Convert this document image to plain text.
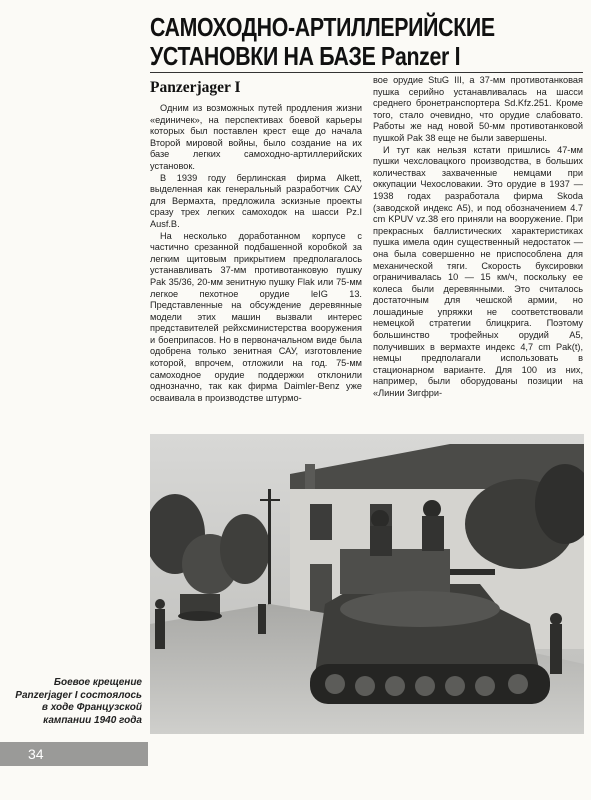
САМОХОДНО-АРТИЛЛЕРИЙСКИЕ
УСТАНОВКИ НА БАЗЕ Panzer I
Panzerjager I

Одним из возможных путей продления жизни «единичек», на перспективах боевой карьеры которых был поставлен крест еще до начала Второй мировой войны, было создание на их базе легких самоходно-артиллерийских установок.

В 1939 году берлинская фирма Alkett, выделенная как генеральный разработчик САУ для Вермахта, предложила эскизные проекты сразу трех легких самоходок на шасси Pz.I Ausf.B.

На несколько доработанном корпусе с частично срезанной подбашенной коробкой за легким щитовым прикрытием предполагалось устанавливать 37-мм противотанковую пушку Pak 35/36, 20-мм зенитную пушку Flak или 75-мм легкое пехотное орудие leIG 13. Представленные на обсуждение деревянные модели этих машин вызвали интерес представителей рейхсминистерства вооружения и боеприпасов. Но в первоначальном виде была одобрена только зенитная САУ, изготовление которой, впрочем, отложили на год. 75-мм самоходное орудие поддержки отклонили однозначно, так как фирма Daimler-Benz уже осваивала в производстве штурмо-

вое орудие StuG III, а 37-мм противотанковая пушка серийно устанавливалась на шасси среднего бронетранспортера Sd.Kfz.251. Кроме того, стало очевидно, что орудие слабовато. Работы же над новой 50-мм противотанковой пушкой Pak 38 еще не были завершены.

И тут как нельзя кстати пришлись 47-мм пушки чехсловацкого производства, в больших количествах захваченные немцами при оккупации Чехословакии. Это орудие в 1937 — 1938 годах разработала фирма Skoda (заводской индекс A5), и под обозначением 4.7 cm KPUV vz.38 его приняли на вооружение. При прекрасных баллистических характеристиках пушка имела один существенный недостаток — она была совершенно не приспособлена для механической тяги. Скорость буксировки ограничивалась 10 — 15 км/ч, поскольку ее колеса были деревянными. Это считалось достаточным для чешской армии, но лошадиные упряжки не соответствовали немецкой стратегии блицкрига. Поэтому большинство трофейных орудий A5, получивших в вермахте индекс 4,7 cm Pak(t), немцы предполагали использовать в стационарном варианте. Для 100 из них, например, были оборудованы позиции на «Линии Зигфри-

Боевое крещение Panzerjager I состоялось в ходе Французской кампании 1940 года
34
